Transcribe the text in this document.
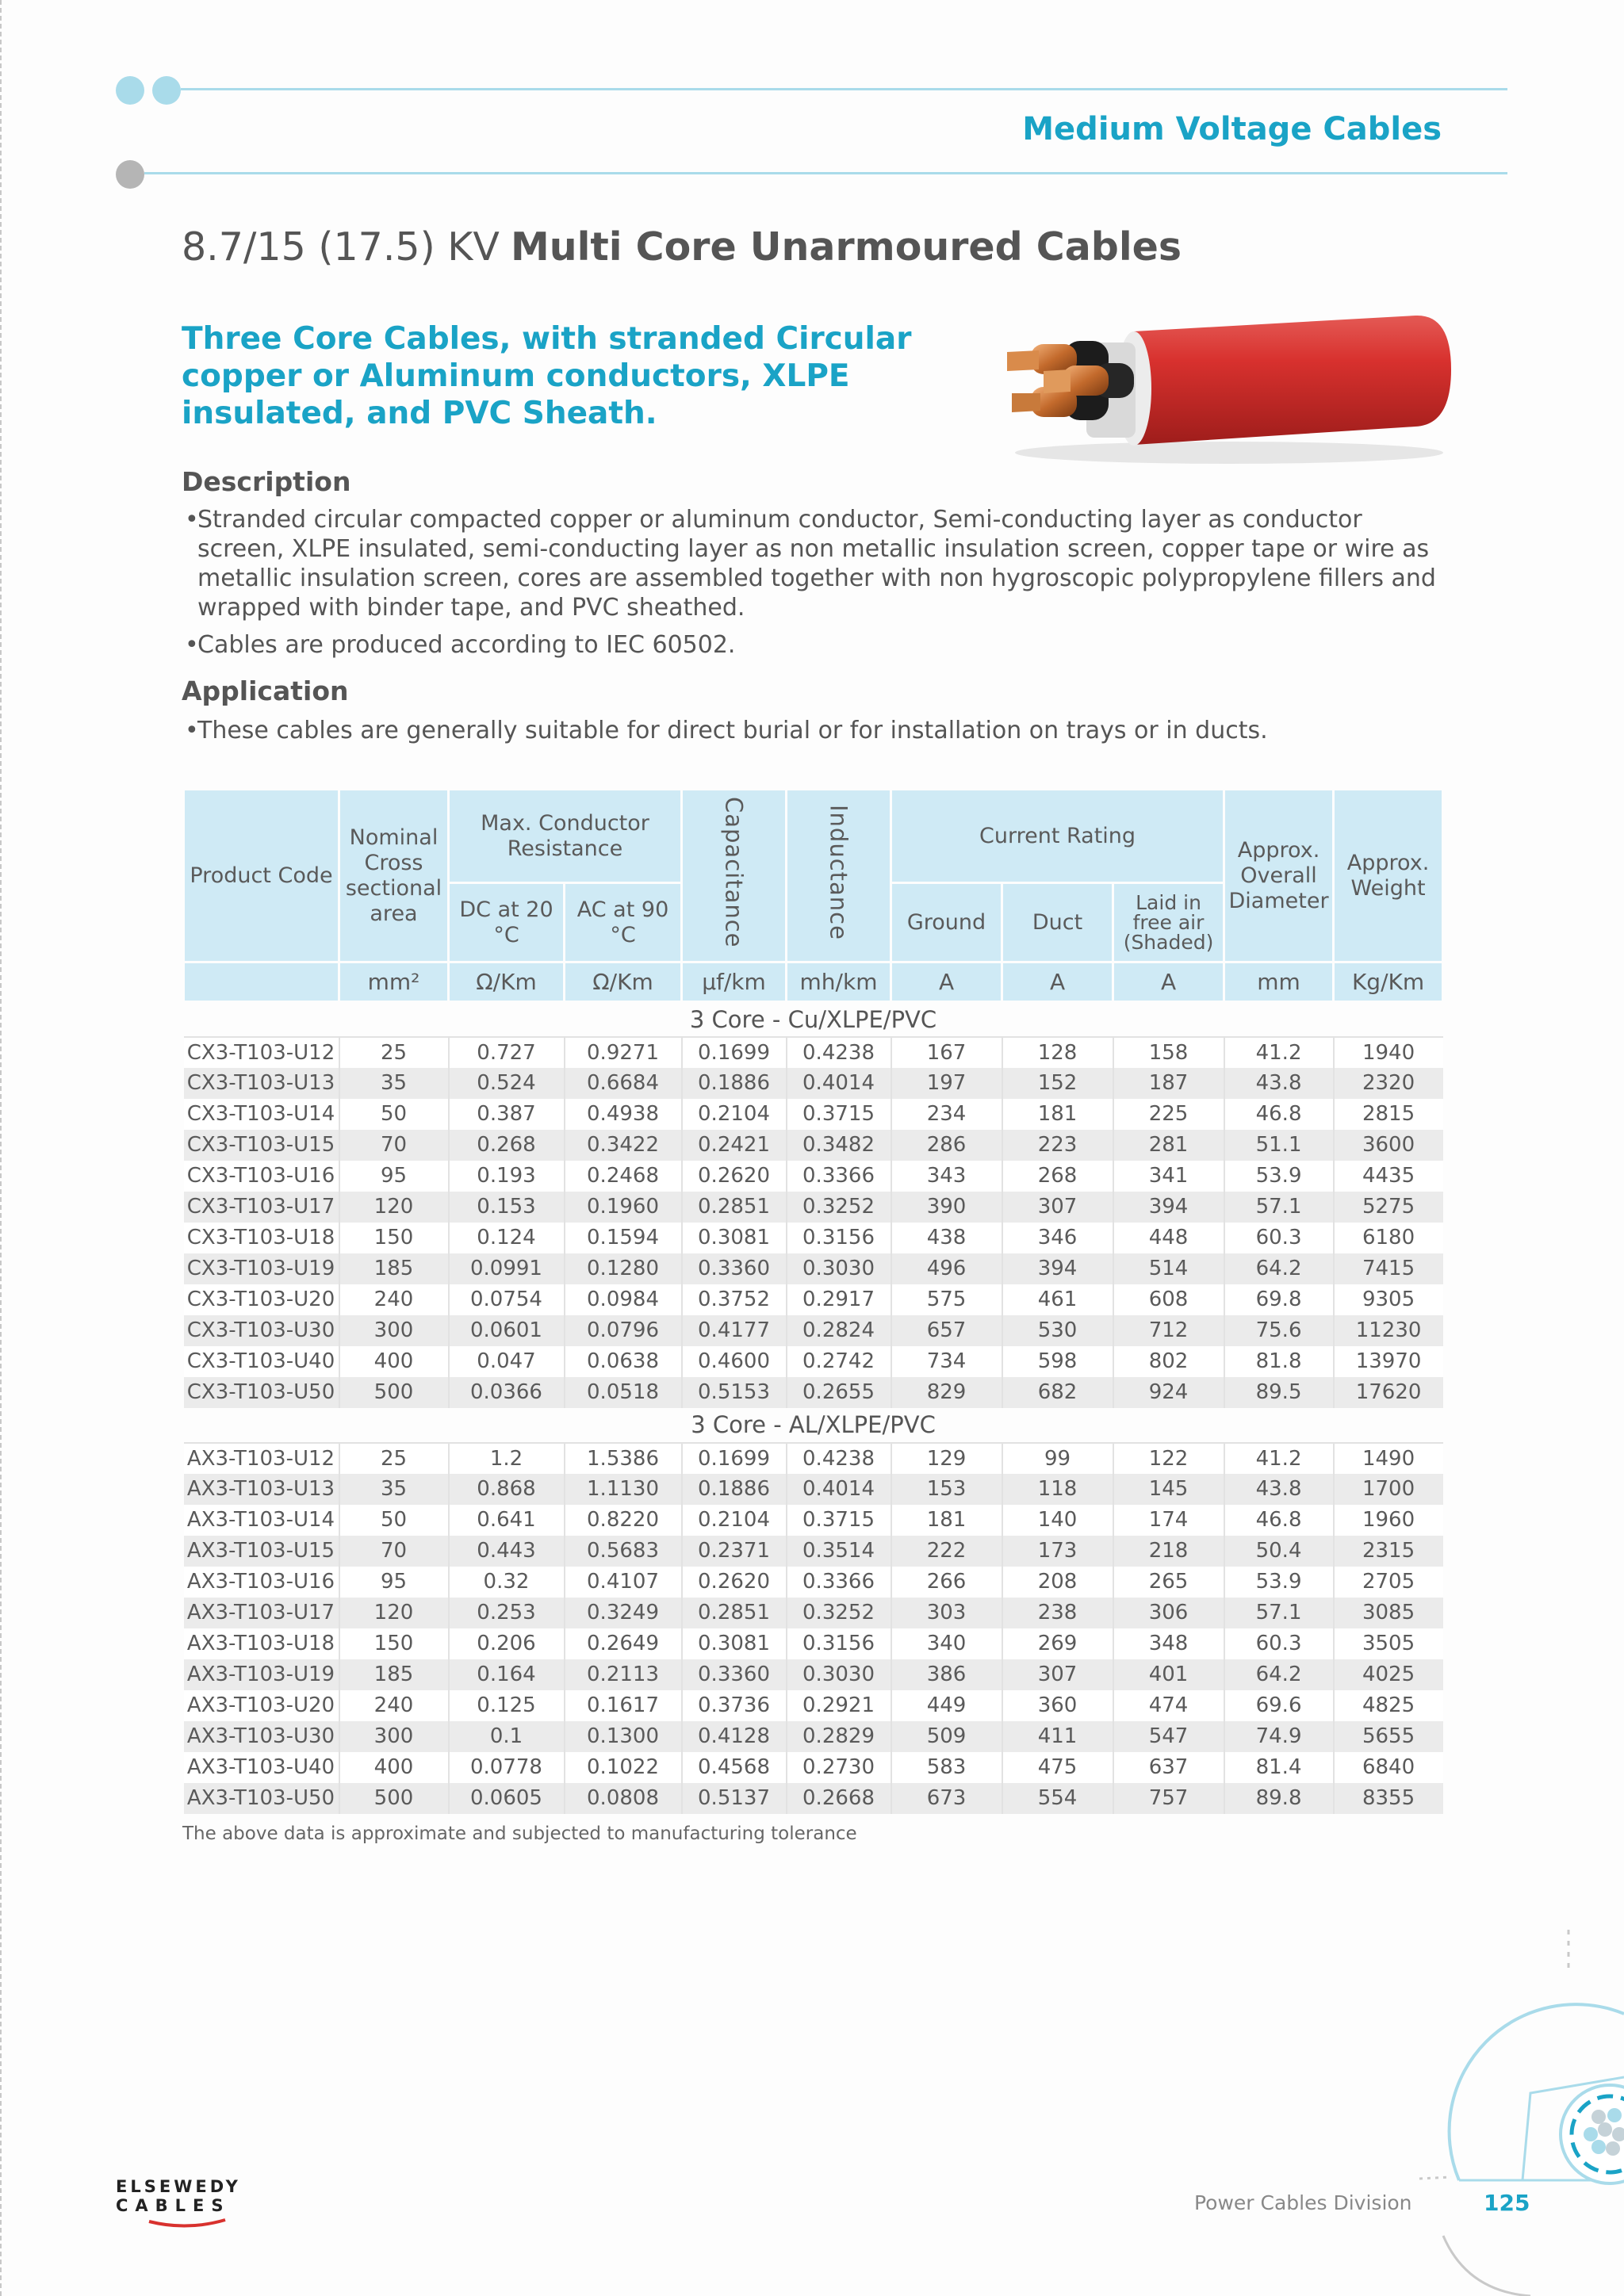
Medium Voltage Cables
8.7/15 (17.5) KV Multi Core Unarmoured Cables
Three Core Cables, with stranded Circular copper or Aluminum conductors, XLPE insulated, and PVC Sheath.
Description
•
Stranded circular compacted copper or aluminum conductor, Semi-conducting layer as conductor screen, XLPE insulated, semi-conducting layer as non metallic insulation screen, copper tape or wire as metallic insulation screen, cores are assembled together with non hygroscopic polypropylene fillers and wrapped with binder tape, and PVC sheathed.
•
Cables are produced according to IEC 60502.
Application
•
These cables are generally suitable for direct burial or for installation on trays or in ducts.
Product Code	Nominal Cross sectional area	Max. Conductor Resistance		Capacitance	Inductance	Current Rating			Approx. Overall Diameter	Approx. Weight
		DC at 20 °C	AC at 90 °C			Ground	Duct	Laid in free air (Shaded)		
	mm²	Ω/Km	Ω/Km	µf/km	mh/km	A	A	A	mm	Kg/Km
3 Core - Cu/XLPE/PVC										
CX3-T103-U12	25	0.727	0.9271	0.1699	0.4238	167	128	158	41.2	1940
CX3-T103-U13	35	0.524	0.6684	0.1886	0.4014	197	152	187	43.8	2320
CX3-T103-U14	50	0.387	0.4938	0.2104	0.3715	234	181	225	46.8	2815
CX3-T103-U15	70	0.268	0.3422	0.2421	0.3482	286	223	281	51.1	3600
CX3-T103-U16	95	0.193	0.2468	0.2620	0.3366	343	268	341	53.9	4435
CX3-T103-U17	120	0.153	0.1960	0.2851	0.3252	390	307	394	57.1	5275
CX3-T103-U18	150	0.124	0.1594	0.3081	0.3156	438	346	448	60.3	6180
CX3-T103-U19	185	0.0991	0.1280	0.3360	0.3030	496	394	514	64.2	7415
CX3-T103-U20	240	0.0754	0.0984	0.3752	0.2917	575	461	608	69.8	9305
CX3-T103-U30	300	0.0601	0.0796	0.4177	0.2824	657	530	712	75.6	11230
CX3-T103-U40	400	0.047	0.0638	0.4600	0.2742	734	598	802	81.8	13970
CX3-T103-U50	500	0.0366	0.0518	0.5153	0.2655	829	682	924	89.5	17620
3 Core - AL/XLPE/PVC										
AX3-T103-U12	25	1.2	1.5386	0.1699	0.4238	129	99	122	41.2	1490
AX3-T103-U13	35	0.868	1.1130	0.1886	0.4014	153	118	145	43.8	1700
AX3-T103-U14	50	0.641	0.8220	0.2104	0.3715	181	140	174	46.8	1960
AX3-T103-U15	70	0.443	0.5683	0.2371	0.3514	222	173	218	50.4	2315
AX3-T103-U16	95	0.32	0.4107	0.2620	0.3366	266	208	265	53.9	2705
AX3-T103-U17	120	0.253	0.3249	0.2851	0.3252	303	238	306	57.1	3085
AX3-T103-U18	150	0.206	0.2649	0.3081	0.3156	340	269	348	60.3	3505
AX3-T103-U19	185	0.164	0.2113	0.3360	0.3030	386	307	401	64.2	4025
AX3-T103-U20	240	0.125	0.1617	0.3736	0.2921	449	360	474	69.6	4825
AX3-T103-U30	300	0.1	0.1300	0.4128	0.2829	509	411	547	74.9	5655
AX3-T103-U40	400	0.0778	0.1022	0.4568	0.2730	583	475	637	81.4	6840
AX3-T103-U50	500	0.0605	0.0808	0.5137	0.2668	673	554	757	89.8	8355
The above data is approximate and subjected to manufacturing tolerance
ELSEWEDY
CABLES	Power Cables Division	125
